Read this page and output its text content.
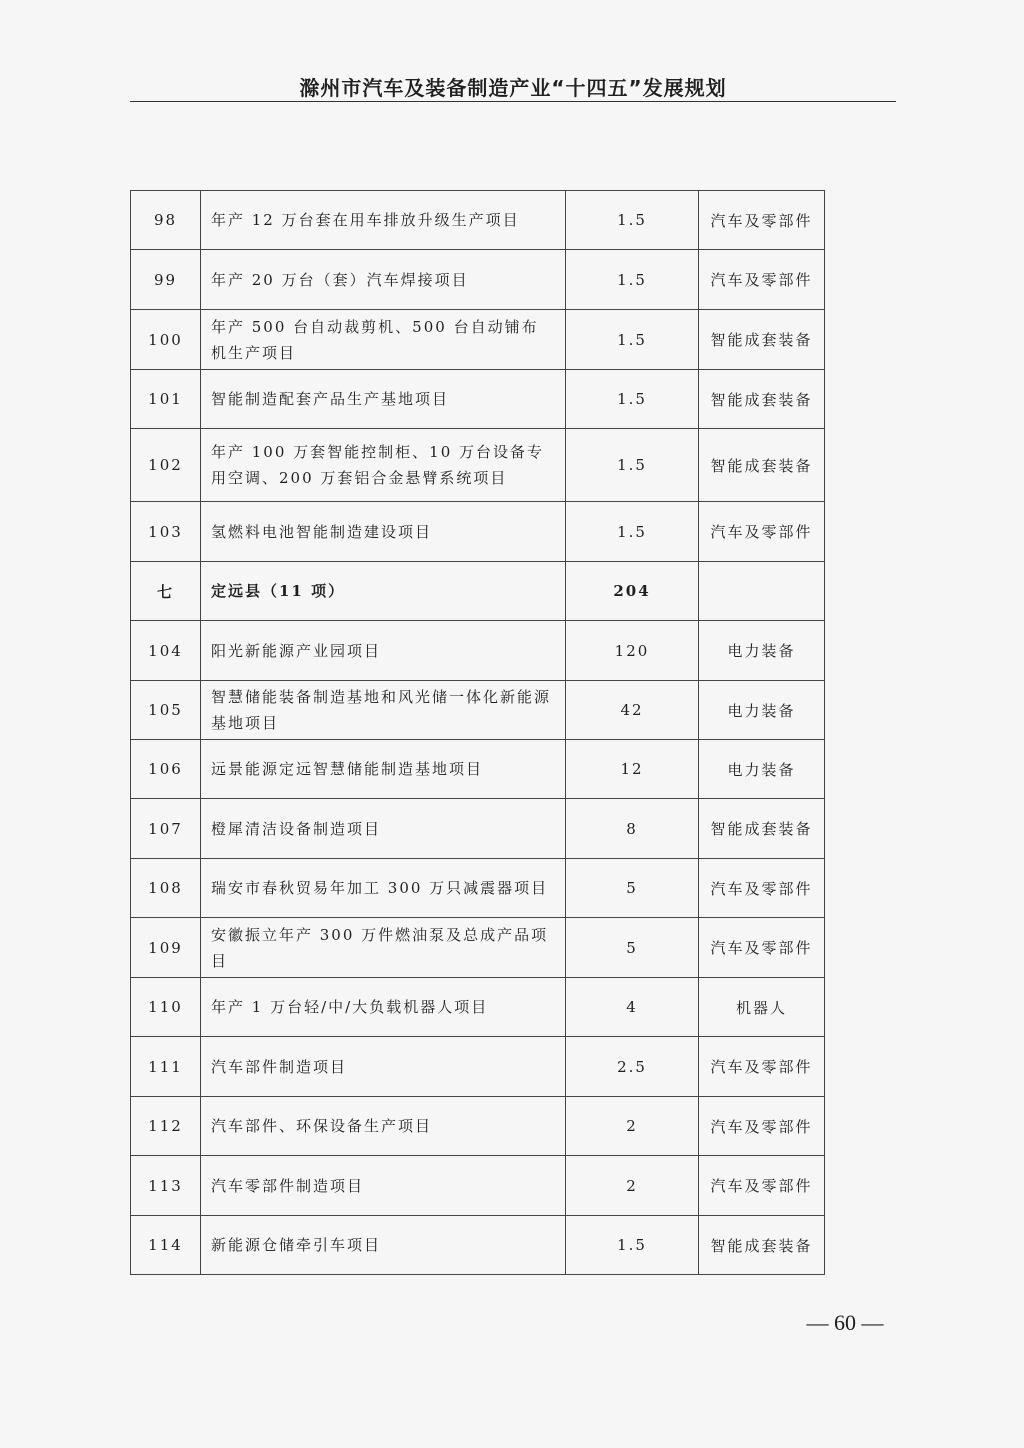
滁州市汽车及装备制造产业“十四五”发展规划
98	年产 12 万台套在用车排放升级生产项目	1.5	汽车及零部件
99	年产 20 万台（套）汽车焊接项目	1.5	汽车及零部件
100	年产 500 台自动裁剪机、500 台自动铺布机生产项目	1.5	智能成套装备
101	智能制造配套产品生产基地项目	1.5	智能成套装备
102	年产 100 万套智能控制柜、10 万台设备专用空调、200 万套铝合金悬臂系统项目	1.5	智能成套装备
103	氢燃料电池智能制造建设项目	1.5	汽车及零部件
七	定远县（11 项）	204	
104	阳光新能源产业园项目	120	电力装备
105	智慧储能装备制造基地和风光储一体化新能源基地项目	42	电力装备
106	远景能源定远智慧储能制造基地项目	12	电力装备
107	橙犀清洁设备制造项目	8	智能成套装备
108	瑞安市春秋贸易年加工 300 万只减震器项目	5	汽车及零部件
109	安徽振立年产 300 万件燃油泵及总成产品项目	5	汽车及零部件
110	年产 1 万台轻/中/大负载机器人项目	4	机器人
111	汽车部件制造项目	2.5	汽车及零部件
112	汽车部件、环保设备生产项目	2	汽车及零部件
113	汽车零部件制造项目	2	汽车及零部件
114	新能源仓储牵引车项目	1.5	智能成套装备
— 60 —
